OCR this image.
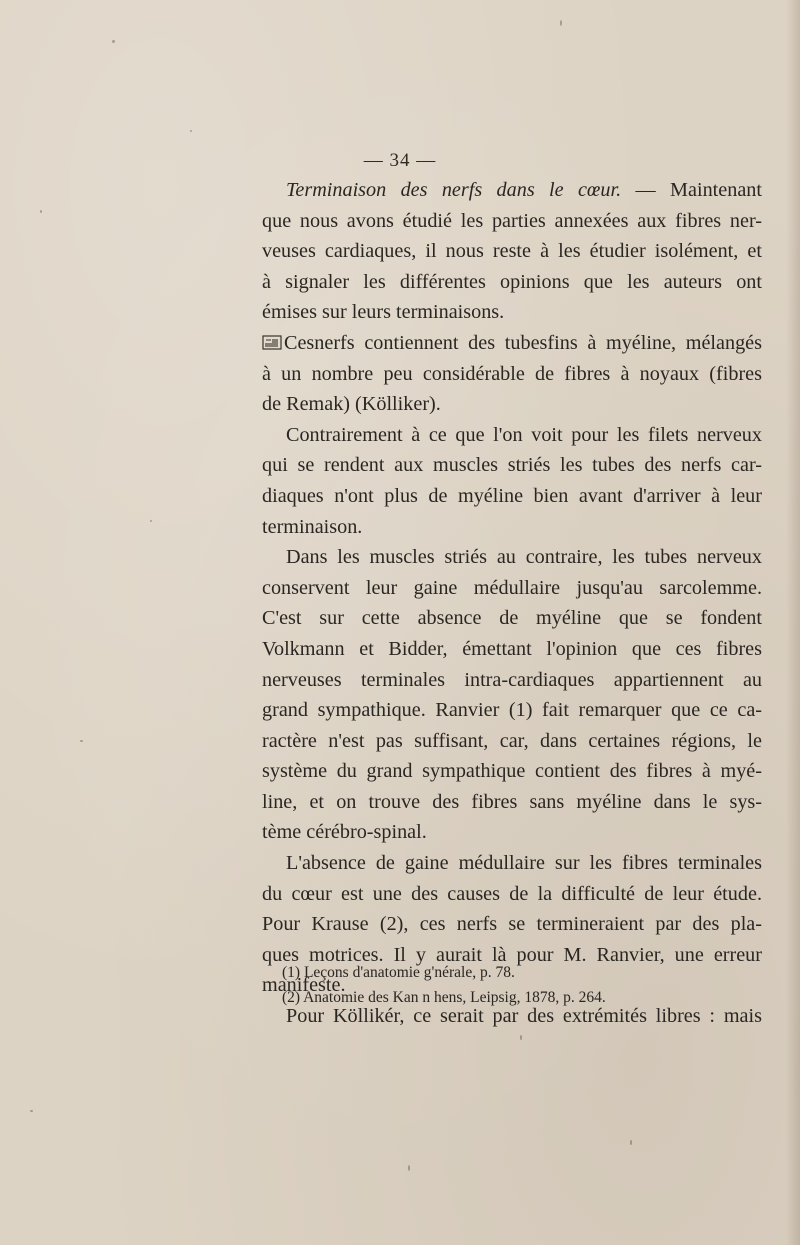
— 34 —
Terminaison des nerfs dans le cœur. — Maintenant
que nous avons étudié les parties annexées aux fibres ner-
veuses cardiaques, il nous reste à les étudier isolément, et
à signaler les différentes opinions que les auteurs ont
émises sur leurs terminaisons.
Cesnerfs contiennent des tubesfins à myéline, mélangés
à un nombre peu considérable de fibres à noyaux (fibres
de Remak) (Kölliker).
Contrairement à ce que l'on voit pour les filets nerveux
qui se rendent aux muscles striés les tubes des nerfs car-
diaques n'ont plus de myéline bien avant d'arriver à leur
terminaison.
Dans les muscles striés au contraire, les tubes nerveux
conservent leur gaine médullaire jusqu'au sarcolemme.
C'est sur cette absence de myéline que se fondent
Volkmann et Bidder, émettant l'opinion que ces fibres
nerveuses terminales intra-cardiaques appartiennent au
grand sympathique. Ranvier (1) fait remarquer que ce ca-
ractère n'est pas suffisant, car, dans certaines régions, le
système du grand sympathique contient des fibres à myé-
line, et on trouve des fibres sans myéline dans le sys-
tème cérébro-spinal.
L'absence de gaine médullaire sur les fibres terminales
du cœur est une des causes de la difficulté de leur étude.
Pour Krause (2), ces nerfs se termineraient par des pla-
ques motrices. Il y aurait là pour M. Ranvier, une erreur
manifeste.
Pour Köllikér, ce serait par des extrémités libres : mais
(1) Leçons d'anatomie g'nérale, p. 78.
(2) Anatomie des Kan n hens, Leipsig, 1878, p. 264.
